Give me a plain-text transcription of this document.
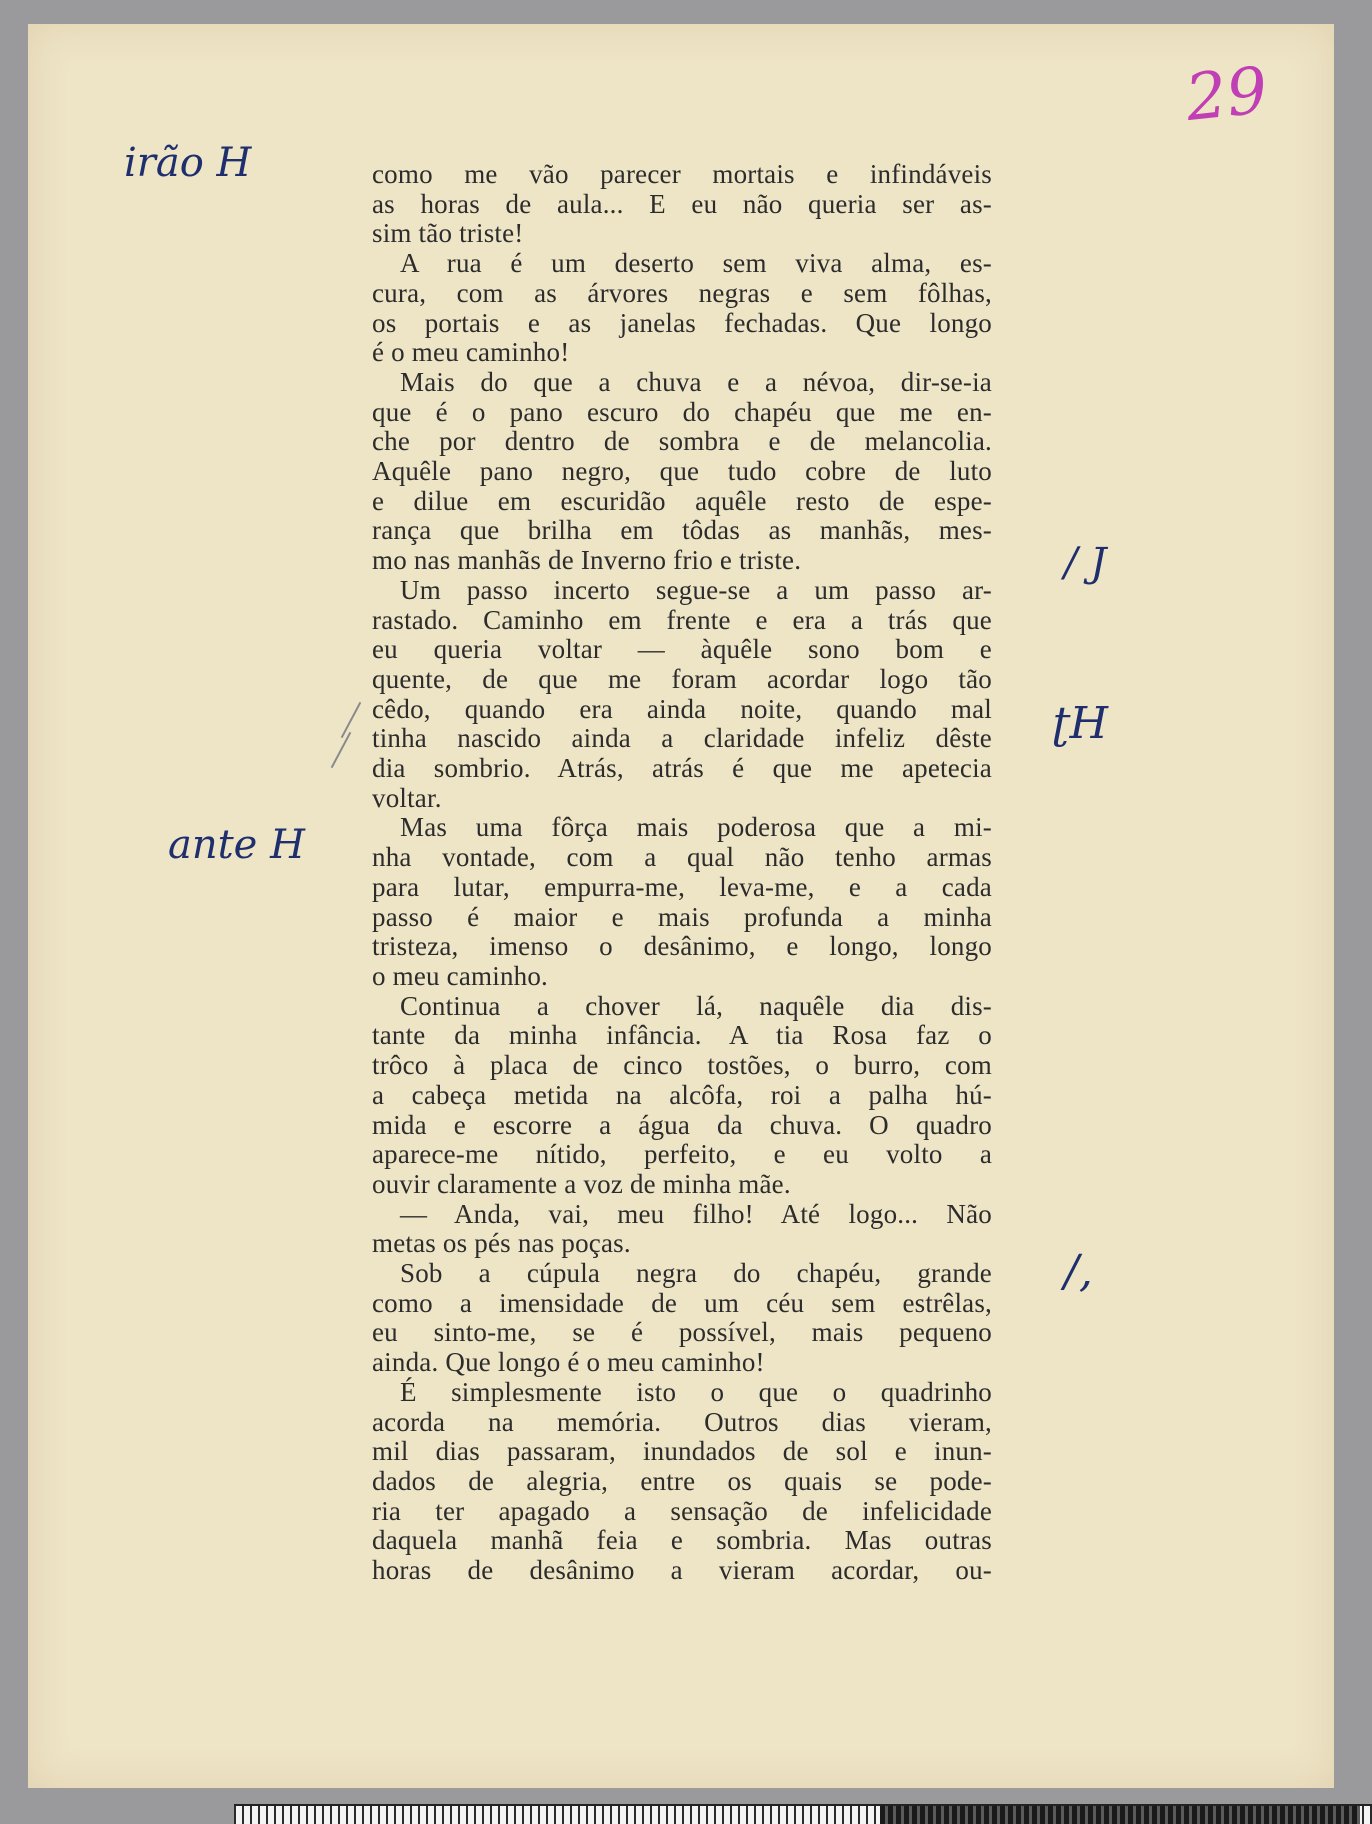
29
irão H
/ J
ʈH
ante H
/,
como me vão parecer mortais e infindáveis
as horas de aula... E eu não queria ser as-
sim tão triste!
A rua é um deserto sem viva alma, es-
cura, com as árvores negras e sem fôlhas,
os portais e as janelas fechadas. Que longo
é o meu caminho!
Mais do que a chuva e a névoa, dir-se-ia
que é o pano escuro do chapéu que me en-
che por dentro de sombra e de melancolia.
Aquêle pano negro, que tudo cobre de luto
e dilue em escuridão aquêle resto de espe-
rança que brilha em tôdas as manhãs, mes-
mo nas manhãs de Inverno frio e triste.
Um passo incerto segue-se a um passo ar-
rastado. Caminho em frente e era a trás que
eu queria voltar — àquêle sono bom e
quente, de que me foram acordar logo tão
cêdo, quando era ainda noite, quando mal
tinha nascido ainda a claridade infeliz dêste
dia sombrio. Atrás, atrás é que me apetecia
voltar.
Mas uma fôrça mais poderosa que a mi-
nha vontade, com a qual não tenho armas
para lutar, empurra-me, leva-me, e a cada
passo é maior e mais profunda a minha
tristeza, imenso o desânimo, e longo, longo
o meu caminho.
Continua a chover lá, naquêle dia dis-
tante da minha infância. A tia Rosa faz o
trôco à placa de cinco tostões, o burro, com
a cabeça metida na alcôfa, roi a palha hú-
mida e escorre a água da chuva. O quadro
aparece-me nítido, perfeito, e eu volto a
ouvir claramente a voz de minha mãe.
— Anda, vai, meu filho! Até logo... Não
metas os pés nas poças.
Sob a cúpula negra do chapéu, grande
como a imensidade de um céu sem estrêlas,
eu sinto-me, se é possível, mais pequeno
ainda. Que longo é o meu caminho!
É simplesmente isto o que o quadrinho
acorda na memória. Outros dias vieram,
mil dias passaram, inundados de sol e inun-
dados de alegria, entre os quais se pode-
ria ter apagado a sensação de infelicidade
daquela manhã feia e sombria. Mas outras
horas de desânimo a vieram acordar, ou-
